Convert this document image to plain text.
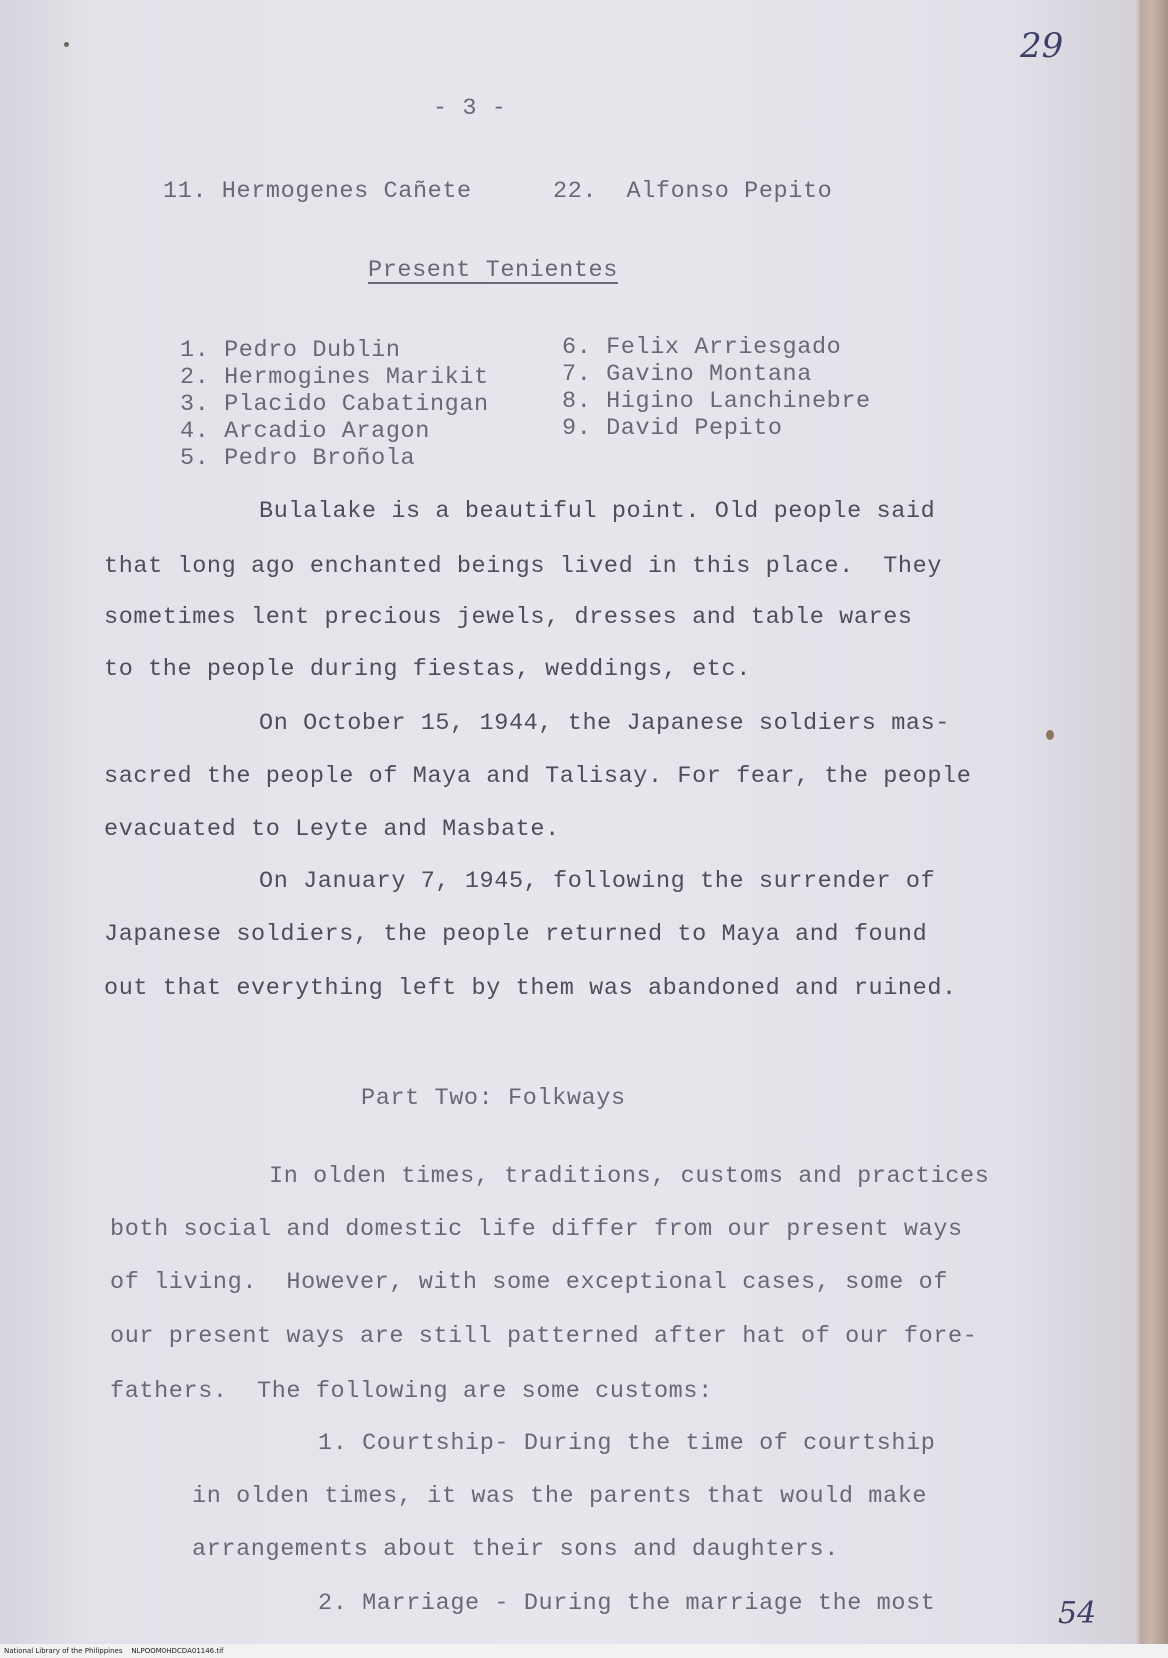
29
54
- 3 -
11. Hermogenes Cañete	22.  Alfonso Pepito
Present Tenientes
1. Pedro Dublin
2. Hermogines Marikit
3. Placido Cabatingan
4. Arcadio Aragon
5. Pedro Broñola
6. Felix Arriesgado
7. Gavino Montana
8. Higino Lanchinebre
9. David Pepito
Bulalake is a beautiful point. Old people said
that long ago enchanted beings lived in this place.  They
sometimes lent precious jewels, dresses and table wares
to the people during fiestas, weddings, etc.
On October 15, 1944, the Japanese soldiers mas-
sacred the people of Maya and Talisay. For fear, the people
evacuated to Leyte and Masbate.
On January 7, 1945, following the surrender of
Japanese soldiers, the people returned to Maya and found
out that everything left by them was abandoned and ruined.
Part Two: Folkways
In olden times, traditions, customs and practices
both social and domestic life differ from our present ways
of living.  However, with some exceptional cases, some of
our present ways are still patterned after hat of our fore-
fathers.  The following are some customs:
1. Courtship- During the time of courtship
in olden times, it was the parents that would make
arrangements about their sons and daughters.
2. Marriage - During the marriage the most
National Library of the Philippines    NLPOOM0HDCDA01146.tif
